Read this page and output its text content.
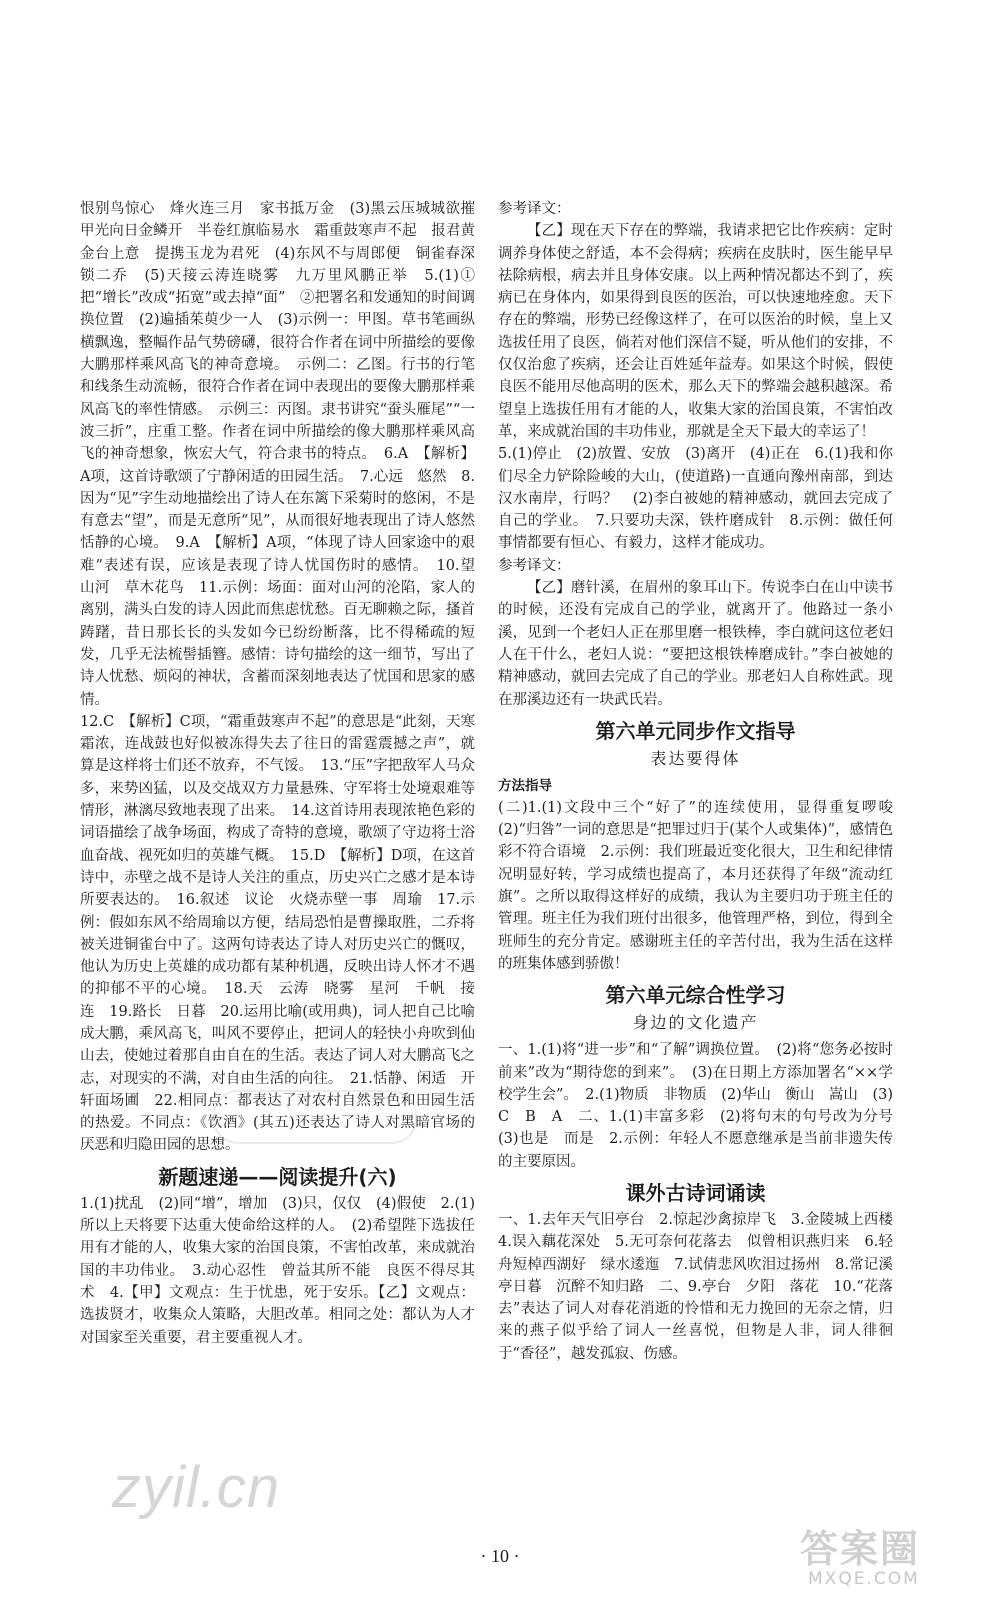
恨别鸟惊心　烽火连三月　家书抵万金　(3)黑云压城城欲摧　甲光向日金鳞开　半卷红旗临易水　霜重鼓寒声不起　报君黄金台上意　提携玉龙为君死　(4)东风不与周郎便　铜雀春深锁二乔　(5)天接云涛连晓雾　九万里风鹏正举　5.(1)①把“增长”改成“拓宽”或去掉“面”　②把署名和发通知的时间调换位置　(2)遍插茱萸少一人　(3)示例一：甲图。草书笔画纵横飘逸，整幅作品气势磅礴，很符合作者在词中所描绘的要像大鹏那样乘风高飞的神奇意境。　示例二：乙图。行书的行笔和线条生动流畅，很符合作者在词中表现出的要像大鹏那样乘风高飞的率性情感。　示例三：丙图。隶书讲究“蚕头雁尾”“一波三折”，庄重工整。作者在词中所描绘的像大鹏那样乘风高飞的神奇想象，恢宏大气，符合隶书的特点。　6.A　【解析】A项，这首诗歌颂了宁静闲适的田园生活。　7.心远　悠然　8.因为“见”字生动地描绘出了诗人在东篱下采菊时的悠闲，不是有意去“望”，而是无意所“见”，从而很好地表现出了诗人悠然恬静的心境。　9.A　【解析】A项，“体现了诗人回家途中的艰难”表述有误，应该是表现了诗人忧国伤时的感情。　10.望　山河　草木花鸟　11.示例：场面：面对山河的沦陷，家人的离别，满头白发的诗人因此而焦虑忧愁。百无聊赖之际，搔首踌躇，昔日那长长的头发如今已纷纷断落，比不得稀疏的短发，几乎无法梳髻插簪。感情：诗句描绘的这一细节，写出了诗人忧愁、烦闷的神状，含蓄而深刻地表达了忧国和思家的感情。

12.C　【解析】C项，“霜重鼓寒声不起”的意思是“此刻，天寒霜浓，连战鼓也好似被冻得失去了往日的雷霆震撼之声”，就算是这样将士们还不放弃，不气馁。　13.“压”字把敌军人马众多，来势凶猛，以及交战双方力量悬殊、守军将士处境艰难等情形，淋漓尽致地表现了出来。　14.这首诗用表现浓艳色彩的词语描绘了战争场面，构成了奇特的意境，歌颂了守边将士浴血奋战、视死如归的英雄气概。　15.D　【解析】D项，在这首诗中，赤壁之战不是诗人关注的重点，历史兴亡之感才是本诗所要表达的。　16.叙述　议论　火烧赤壁一事　周瑜　17.示例：假如东风不给周瑜以方便，结局恐怕是曹操取胜，二乔将被关进铜雀台中了。这两句诗表达了诗人对历史兴亡的慨叹，他认为历史上英雄的成功都有某种机遇，反映出诗人怀才不遇的抑郁不平的心境。　18.天　云涛　晓雾　星河　千帆　接　连　19.路长　日暮　20.运用比喻(或用典)，词人把自己比喻成大鹏，乘风高飞，叫风不要停止，把词人的轻快小舟吹到仙山去，使她过着那自由自在的生活。表达了词人对大鹏高飞之志，对现实的不满，对自由生活的向往。　21.恬静、闲适　开轩面场圃　22.相同点：都表达了对农村自然景色和田园生活的热爱。不同点：《饮酒》(其五)还表达了诗人对黑暗官场的厌恶和归隐田园的思想。

新题速递——阅读提升(六)

1.(1)扰乱　(2)同“增”，增加　(3)只，仅仅　(4)假使　2.(1)所以上天将要下达重大使命给这样的人。　(2)希望陛下选拔任用有才能的人，收集大家的治国良策，不害怕改革，来成就治国的丰功伟业。　3.动心忍性　曾益其所不能　良医不得尽其术　4.【甲】文观点：生于忧患，死于安乐。【乙】文观点：选拔贤才，收集众人策略，大胆改革。相同之处：都认为人才对国家至关重要，君主要重视人才。

参考译文：

【乙】现在天下存在的弊端，我请求把它比作疾病：定时调养身体使之舒适，本不会得病；疾病在皮肤时，医生能早早祛除病根，病去并且身体安康。以上两种情况都达不到了，疾病已在身体内，如果得到良医的医治，可以快速地痊愈。天下存在的弊端，形势已经像这样了，在可以医治的时候，皇上又选拔任用了良医，倘若对他们深信不疑，听从他们的安排，不仅仅治愈了疾病，还会让百姓延年益寿。如果这个时候，假使良医不能用尽他高明的医术，那么天下的弊端会越积越深。希望皇上选拔任用有才能的人，收集大家的治国良策，不害怕改革，来成就治国的丰功伟业，那就是全天下最大的幸运了！

5.(1)停止　(2)放置、安放　(3)离开　(4)正在　6.(1)我和你们尽全力铲除险峻的大山，(使道路)一直通向豫州南部，到达汉水南岸，行吗？　(2)李白被她的精神感动，就回去完成了自己的学业。　7.只要功夫深，铁杵磨成针　8.示例：做任何事情都要有恒心、有毅力，这样才能成功。

参考译文：

【乙】磨针溪，在眉州的象耳山下。传说李白在山中读书的时候，还没有完成自己的学业，就离开了。他路过一条小溪，见到一个老妇人正在那里磨一根铁棒，李白就问这位老妇人在干什么，老妇人说：“要把这根铁棒磨成针。”李白被她的精神感动，就回去完成了自己的学业。那老妇人自称姓武。现在那溪边还有一块武氏岩。

第六单元同步作文指导
表达要得体
方法指导

(二)1.(1)文段中三个“好了”的连续使用，显得重复啰唆　(2)“归咎”一词的意思是“把罪过归于(某个人或集体)”，感情色彩不符合语境　2.示例：我们班最近变化很大，卫生和纪律情况明显好转，学习成绩也提高了，本月还获得了年级“流动红旗”。之所以取得这样好的成绩，我认为主要归功于班主任的管理。班主任为我们班付出很多，他管理严格，到位，得到全班师生的充分肯定。感谢班主任的辛苦付出，我为生活在这样的班集体感到骄傲！

第六单元综合性学习
身边的文化遗产

一、1.(1)将“进一步”和“了解”调换位置。　(2)将“您务必按时前来”改为“期待您的到来”。　(3)在日期上方添加署名“××学校学生会”。　2.(1)物质　非物质　(2)华山　衡山　嵩山　(3)C　B　A　二、1.(1)丰富多彩　(2)将句末的句号改为分号　(3)也是　而是　2.示例：年轻人不愿意继承是当前非遗失传的主要原因。

课外古诗词诵读

一、1.去年天气旧亭台　2.惊起沙禽掠岸飞　3.金陵城上西楼　4.误入藕花深处　5.无可奈何花落去　似曾相识燕归来　6.轻舟短棹西湖好　绿水逶迤　7.试倩悲风吹泪过扬州　8.常记溪亭日暮　沉醉不知归路　二、9.亭台　夕阳　落花　10.“花落去”表达了词人对春花消逝的怜惜和无力挽回的无奈之情，归来的燕子似乎给了词人一丝喜悦，但物是人非，词人徘徊于“香径”，越发孤寂、伤感。

· 10 ·
zyil.cn
答案圈
MXQE.COM
